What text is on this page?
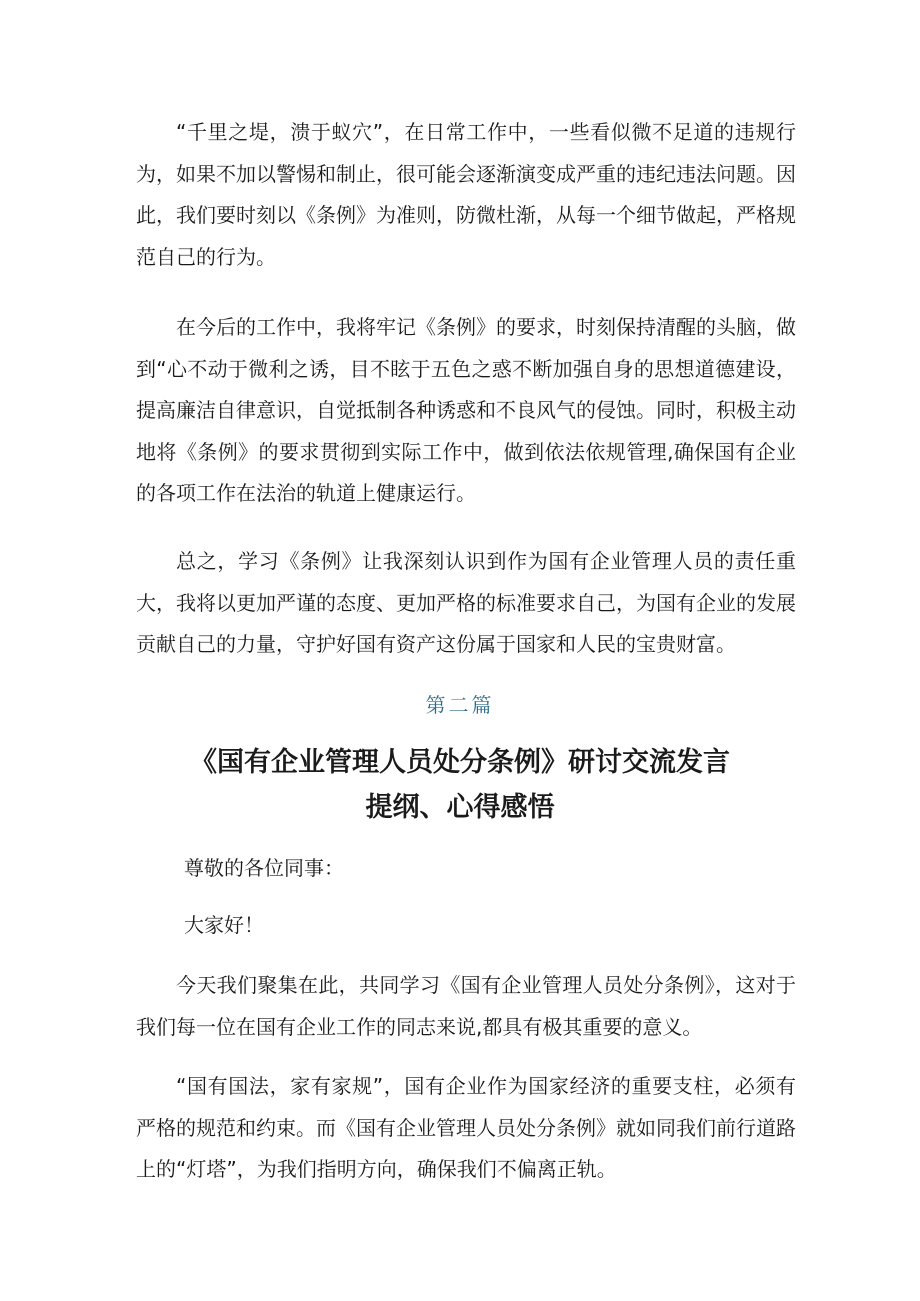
“千里之堤，溃于蚁穴”，在日常工作中，一些看似微不足道的违规行为，如果不加以警惕和制止，很可能会逐渐演变成严重的违纪违法问题。因此，我们要时刻以《条例》为准则，防微杜渐，从每一个细节做起，严格规范自己的行为。

在今后的工作中，我将牢记《条例》的要求，时刻保持清醒的头脑，做到“心不动于微利之诱，目不眩于五色之惑不断加强自身的思想道德建设，提高廉洁自律意识，自觉抵制各种诱惑和不良风气的侵蚀。同时，积极主动地将《条例》的要求贯彻到实际工作中，做到依法依规管理,确保国有企业的各项工作在法治的轨道上健康运行。

总之，学习《条例》让我深刻认识到作为国有企业管理人员的责任重大，我将以更加严谨的态度、更加严格的标准要求自己，为国有企业的发展贡献自己的力量，守护好国有资产这份属于国家和人民的宝贵财富。

第二篇

《国有企业管理人员处分条例》研讨交流发言
提纲、心得感悟

尊敬的各位同事：

大家好！

今天我们聚集在此，共同学习《国有企业管理人员处分条例》，这对于我们每一位在国有企业工作的同志来说,都具有极其重要的意义。

“国有国法，家有家规”，国有企业作为国家经济的重要支柱，必须有严格的规范和约束。而《国有企业管理人员处分条例》就如同我们前行道路上的“灯塔”，为我们指明方向，确保我们不偏离正轨。
